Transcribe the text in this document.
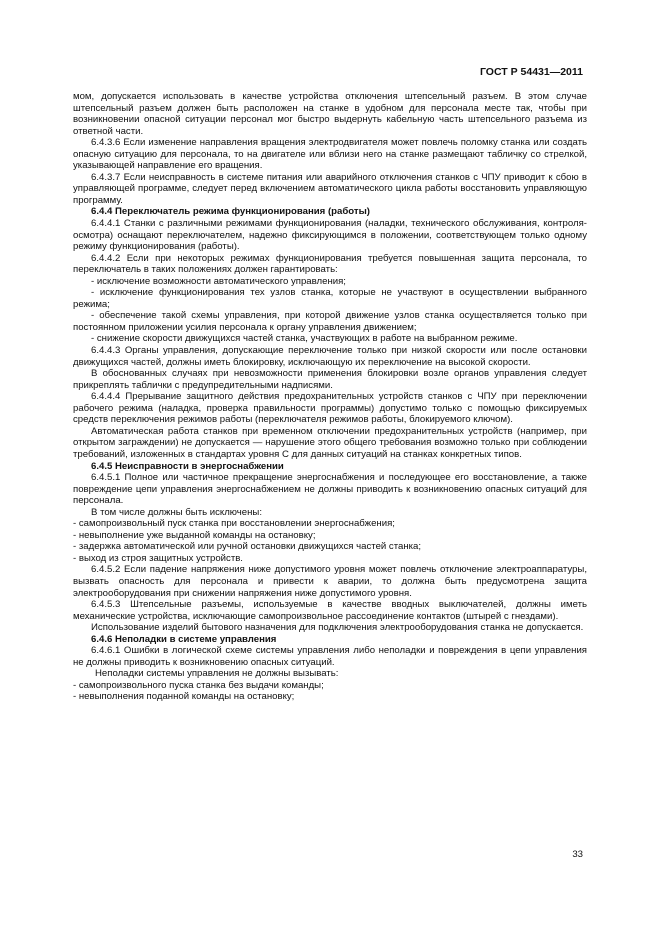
ГОСТ Р 54431—2011

мом, допускается использовать в качестве устройства отключения штепсельный разъем. В этом случае штепсельный разъем должен быть расположен на станке в удобном для персонала месте так, чтобы при возникновении опасной ситуации персонал мог быстро выдернуть кабельную часть штепсельного разъема из ответной части.

6.4.3.6 Если изменение направления вращения электродвигателя может повлечь поломку станка или создать опасную ситуацию для персонала, то на двигателе или вблизи него на станке размещают табличку со стрелкой, указывающей направление его вращения.

6.4.3.7 Если неисправность в системе питания или аварийного отключения станков с ЧПУ приводит к сбою в управляющей программе, следует перед включением автоматического цикла работы восстановить управляющую программу.

6.4.4 Переключатель режима функционирования (работы)

6.4.4.1 Станки с различными режимами функционирования (наладки, технического обслуживания, контроля-осмотра) оснащают переключателем, надежно фиксирующимся в положении, соответствующем только одному режиму функционирования (работы).

6.4.4.2 Если при некоторых режимах функционирования требуется повышенная защита персонала, то переключатель в таких положениях должен гарантировать:

- исключение возможности автоматического управления;

- исключение функционирования тех узлов станка, которые не участвуют в осуществлении выбранного режима;

- обеспечение такой схемы управления, при которой движение узлов станка осуществляется только при постоянном приложении усилия персонала к органу управления движением;

- снижение скорости движущихся частей станка, участвующих в работе на выбранном режиме.

6.4.4.3 Органы управления, допускающие переключение только при низкой скорости или после остановки движущихся частей, должны иметь блокировку, исключающую их переключение на высокой скорости.

В обоснованных случаях при невозможности применения блокировки возле органов управления следует прикреплять таблички с предупредительными надписями.

6.4.4.4 Прерывание защитного действия предохранительных устройств станков с ЧПУ при переключении рабочего режима (наладка, проверка правильности программы) допустимо только с помощью фиксируемых средств переключения режимов работы (переключателя режимов работы, блокируемого ключом).

Автоматическая работа станков при временном отключении предохранительных устройств (например, при открытом заграждении) не допускается — нарушение этого общего требования возможно только при соблюдении требований, изложенных в стандартах уровня С для данных ситуаций на станках конкретных типов.

6.4.5 Неисправности в энергоснабжении

6.4.5.1 Полное или частичное прекращение энергоснабжения и последующее его восстановление, а также повреждение цепи управления энергоснабжением не должны приводить к возникновению опасных ситуаций для персонала.

В том числе должны быть исключены:

- самопроизвольный пуск станка при восстановлении энергоснабжения;

- невыполнение уже выданной команды на остановку;

- задержка автоматической или ручной остановки движущихся частей станка;

- выход из строя защитных устройств.

6.4.5.2 Если падение напряжения ниже допустимого уровня может повлечь отключение электроаппаратуры, вызвать опасность для персонала и привести к аварии, то должна быть предусмотрена защита электрооборудования при снижении напряжения ниже допустимого уровня.

6.4.5.3 Штепсельные разъемы, используемые в качестве вводных выключателей, должны иметь механические устройства, исключающие самопроизвольное рассоединение контактов (штырей с гнездами).

Использование изделий бытового назначения для подключения электрооборудования станка не допускается.

6.4.6 Неполадки в системе управления

6.4.6.1 Ошибки в логической схеме системы управления либо неполадки и повреждения в цепи управления не должны приводить к возникновению опасных ситуаций.

Неполадки системы управления не должны вызывать:

- самопроизвольного пуска станка без выдачи команды;

- невыполнения поданной команды на остановку;

33
